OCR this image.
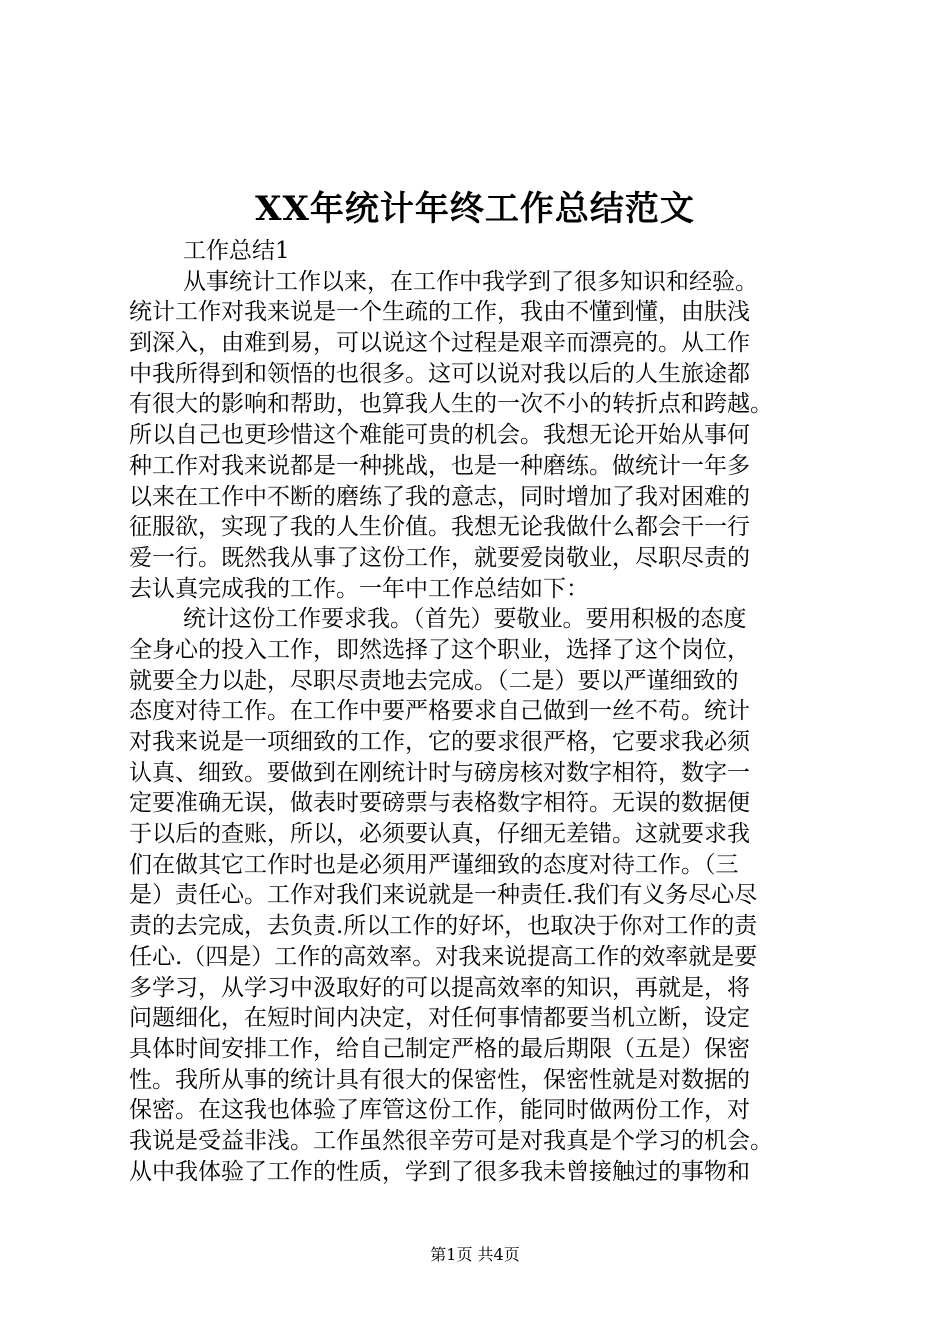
XX年统计年终工作总结范文
工作总结1
从事统计工作以来，在工作中我学到了很多知识和经验。
统计工作对我来说是一个生疏的工作，我由不懂到懂，由肤浅
到深入，由难到易，可以说这个过程是艰辛而漂亮的。从工作
中我所得到和领悟的也很多。这可以说对我以后的人生旅途都
有很大的影响和帮助，也算我人生的一次不小的转折点和跨越。
所以自己也更珍惜这个难能可贵的机会。我想无论开始从事何
种工作对我来说都是一种挑战，也是一种磨练。做统计一年多
以来在工作中不断的磨练了我的意志，同时增加了我对困难的
征服欲，实现了我的人生价值。我想无论我做什么都会干一行
爱一行。既然我从事了这份工作，就要爱岗敬业，尽职尽责的
去认真完成我的工作。一年中工作总结如下：
统计这份工作要求我。（首先）要敬业。要用积极的态度
全身心的投入工作，即然选择了这个职业，选择了这个岗位，
就要全力以赴，尽职尽责地去完成。（二是）要以严谨细致的
态度对待工作。在工作中要严格要求自己做到一丝不苟。统计
对我来说是一项细致的工作，它的要求很严格，它要求我必须
认真、细致。要做到在刚统计时与磅房核对数字相符，数字一
定要准确无误，做表时要磅票与表格数字相符。无误的数据便
于以后的查账，所以，必须要认真，仔细无差错。这就要求我
们在做其它工作时也是必须用严谨细致的态度对待工作。（三
是）责任心。工作对我们来说就是一种责任.我们有义务尽心尽
责的去完成，去负责.所以工作的好坏，也取决于你对工作的责
任心.（四是）工作的高效率。对我来说提高工作的效率就是要
多学习，从学习中汲取好的可以提高效率的知识，再就是，将
问题细化，在短时间内决定，对任何事情都要当机立断，设定
具体时间安排工作，给自己制定严格的最后期限（五是）保密
性。我所从事的统计具有很大的保密性，保密性就是对数据的
保密。在这我也体验了库管这份工作，能同时做两份工作，对
我说是受益非浅。工作虽然很辛劳可是对我真是个学习的机会。
从中我体验了工作的性质，学到了很多我未曾接触过的事物和
第1页 共4页
